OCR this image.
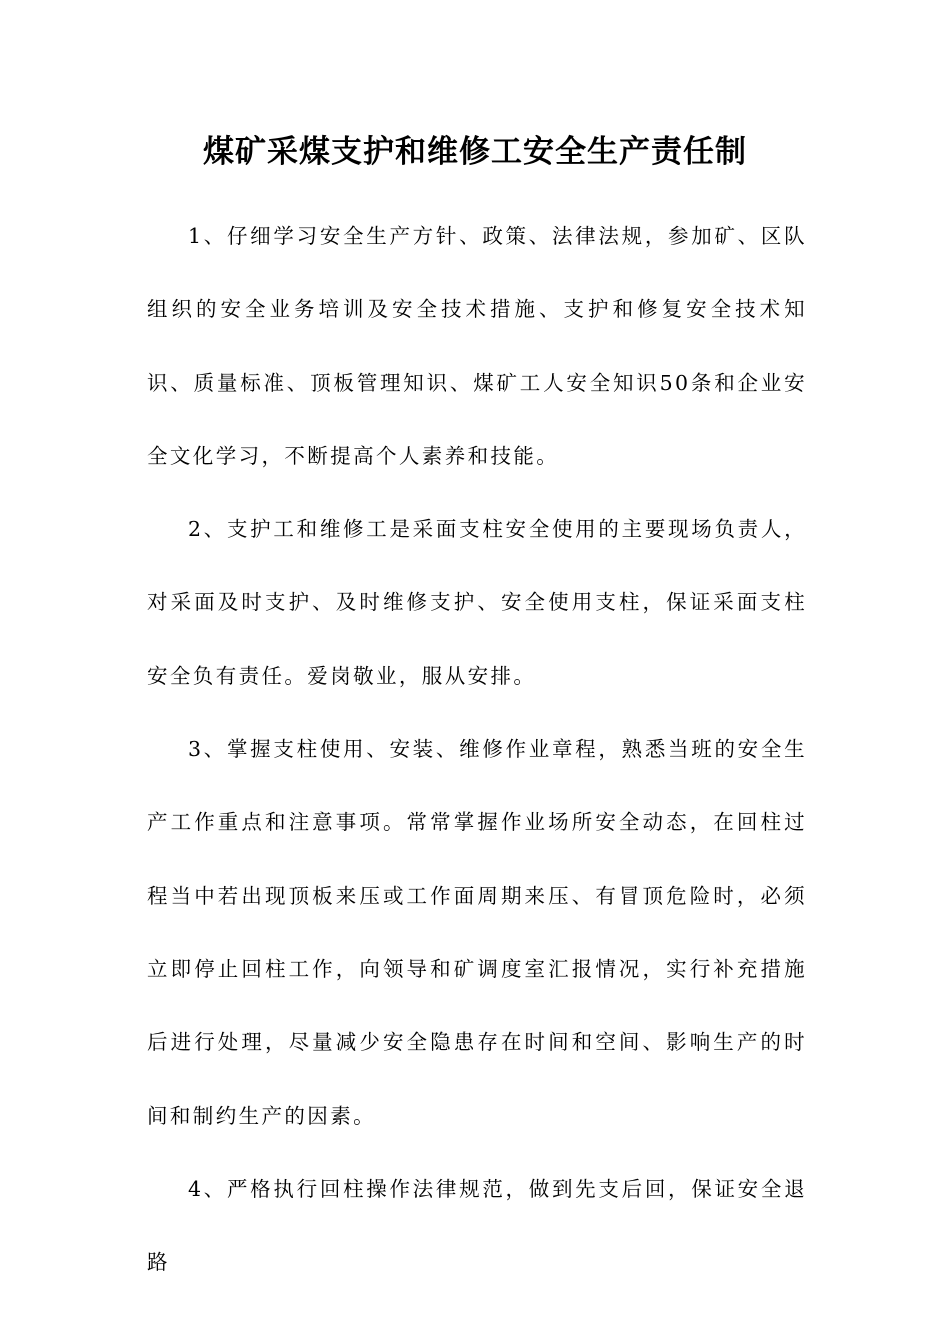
煤矿采煤支护和维修工安全生产责任制

1、仔细学习安全生产方针、政策、法律法规，参加矿、区队组织的安全业务培训及安全技术措施、支护和修复安全技术知识、质量标准、顶板管理知识、煤矿工人安全知识50条和企业安全文化学习，不断提高个人素养和技能。

2、支护工和维修工是采面支柱安全使用的主要现场负责人，对采面及时支护、及时维修支护、安全使用支柱，保证采面支柱安全负有责任。爱岗敬业，服从安排。

3、掌握支柱使用、安装、维修作业章程，熟悉当班的安全生产工作重点和注意事项。常常掌握作业场所安全动态，在回柱过程当中若出现顶板来压或工作面周期来压、有冒顶危险时，必须立即停止回柱工作，向领导和矿调度室汇报情况，实行补充措施后进行处理，尽量减少安全隐患存在时间和空间、影响生产的时间和制约生产的因素。

4、严格执行回柱操作法律规范，做到先支后回，保证安全退路
